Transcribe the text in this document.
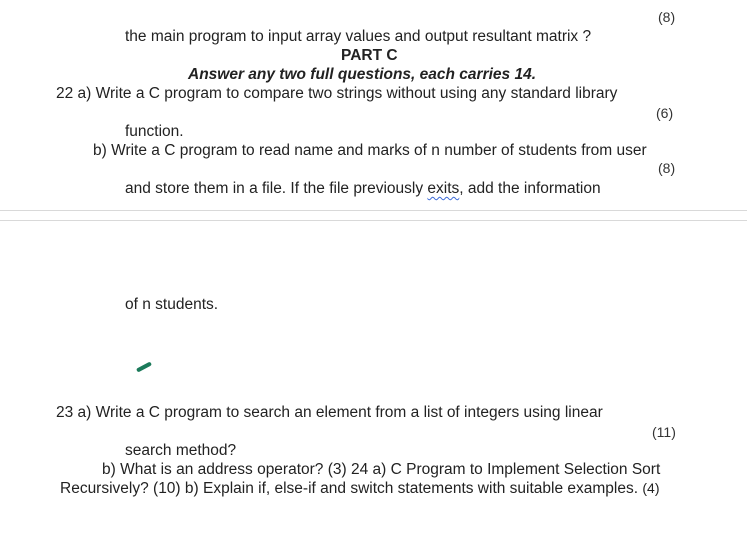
(8)
the main program to input array values and output resultant matrix ?
PART C
Answer any two full questions, each carries 14.
22 a) Write a C program to compare two strings without using any standard library
(6)
function.
b) Write a C program to read name and marks of n number of students from user
(8)
and store them in a file. If the file previously exits, add the information
of n students.
23 a) Write a C program to search an element from a list of integers using linear
(11)
search method?
b) What is an address operator? (3) 24 a) C Program to Implement Selection Sort
Recursively? (10) b) Explain if, else-if and switch statements with suitable examples. (4)
